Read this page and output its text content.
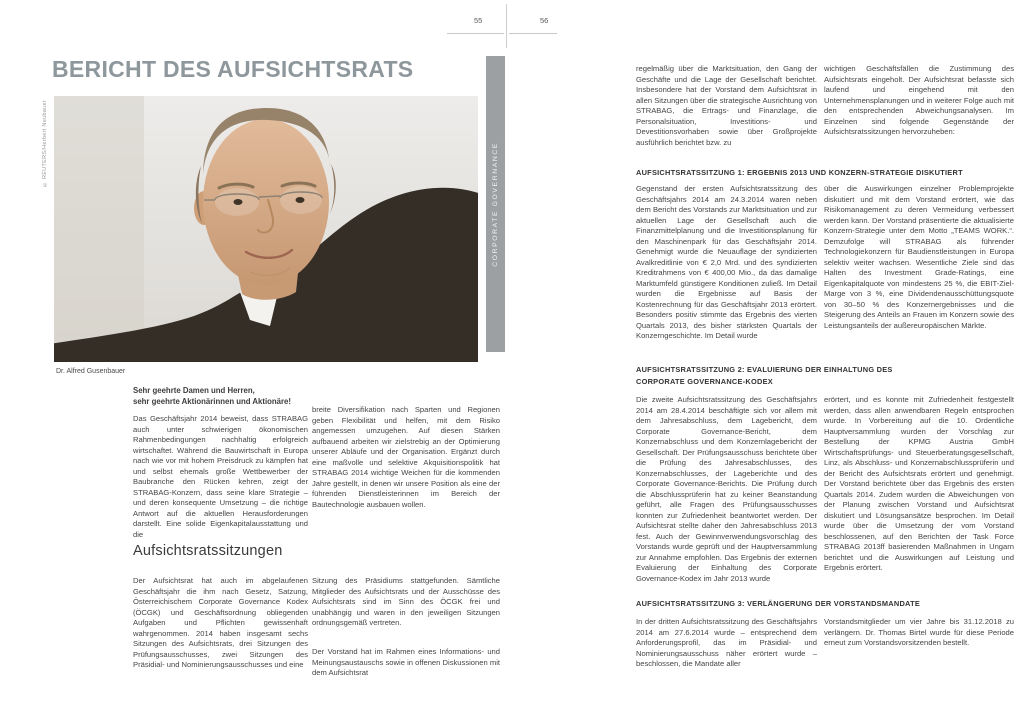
55	56
BERICHT DES AUFSICHTSRATS
© REUTERS/Herbert Neubauer
Dr. Alfred Gusenbauer
CORPORATE GOVERNANCE
Sehr geehrte Damen und Herren,
sehr geehrte Aktionärinnen und Aktionäre!
Das Geschäftsjahr 2014 beweist, dass STRABAG auch unter schwierigen ökonomischen Rahmenbedingungen nachhaltig erfolgreich wirtschaftet. Während die Bauwirtschaft in Europa nach wie vor mit hohem Preisdruck zu kämpfen hat und selbst ehemals große Wettbewerber der Baubranche den Rücken kehren, zeigt der STRABAG-Konzern, dass seine klare Strategie – und deren konsequente Umsetzung – die richtige Antwort auf die aktuellen Herausforderungen darstellt. Eine solide Eigenkapitalausstattung und die
breite Diversifikation nach Sparten und Regionen geben Flexibilität und helfen, mit dem Risiko angemessen umzugehen. Auf diesen Stärken aufbauend arbeiten wir zielstrebig an der Optimierung unserer Abläufe und der Organisation. Ergänzt durch eine maßvolle und selektive Akquisitionspolitik hat STRABAG 2014 wichtige Weichen für die kommenden Jahre gestellt, in denen wir unsere Position als eine der führenden Dienstleisterinnen im Bereich der Bautechnologie ausbauen wollen.
Aufsichtsratssitzungen
Der Aufsichtsrat hat auch im abgelaufenen Geschäftsjahr die ihm nach Gesetz, Satzung, Österreichischem Corporate Governance Kodex (ÖCGK) und Geschäftsordnung obliegenden Aufgaben und Pflichten gewissenhaft wahrgenommen. 2014 haben insgesamt sechs Sitzungen des Aufsichtsrats, drei Sitzungen des Prüfungsausschusses, zwei Sitzungen des Präsidial- und Nominierungsausschusses und eine
Sitzung des Präsidiums stattgefunden. Sämtliche Mitglieder des Aufsichtsrats und der Ausschüsse des Aufsichtsrats sind im Sinn des ÖCGK frei und unabhängig und waren in den jeweiligen Sitzungen ordnungsgemäß vertreten.
Der Vorstand hat im Rahmen eines Informations- und Meinungsaustauschs sowie in offenen Diskussionen mit dem Aufsichtsrat
regelmäßig über die Marktsituation, den Gang der Geschäfte und die Lage der Gesellschaft berichtet. Insbesondere hat der Vorstand dem Aufsichtsrat in allen Sitzungen über die strategische Ausrichtung von STRABAG, die Ertrags- und Finanzlage, die Personalsituation, Investitions- und Devestitionsvorhaben sowie über Großprojekte ausführlich berichtet bzw. zu
wichtigen Geschäftsfällen die Zustimmung des Aufsichtsrats eingeholt. Der Aufsichtsrat befasste sich laufend und eingehend mit den Unternehmensplanungen und in weiterer Folge auch mit den entsprechenden Abweichungsanalysen. Im Einzelnen sind folgende Gegenstände der Aufsichtsratssitzungen hervorzuheben:
AUFSICHTSRATSSITZUNG 1: ERGEBNIS 2013 UND KONZERN-STRATEGIE DISKUTIERT
Gegenstand der ersten Aufsichtsratssitzung des Geschäftsjahrs 2014 am 24.3.2014 waren neben dem Bericht des Vorstands zur Marktsituation und zur aktuellen Lage der Gesellschaft auch die Finanzmittelplanung und die Investitionsplanung für den Maschinenpark für das Geschäftsjahr 2014. Genehmigt wurde die Neuauflage der syndizierten Avalkreditlinie von € 2,0 Mrd. und des syndizierten Kreditrahmens von € 400,00 Mio., da das damalige Marktumfeld günstigere Konditionen zuließ. Im Detail wurden die Ergebnisse auf Basis der Kostenrechnung für das Geschäftsjahr 2013 erörtert. Besonders positiv stimmte das Ergebnis des vierten Quartals 2013, des bisher stärksten Quartals der Konzerngeschichte. Im Detail wurde
über die Auswirkungen einzelner Problemprojekte diskutiert und mit dem Vorstand erörtert, wie das Risikomanagement zu deren Vermeidung verbessert werden kann. Der Vorstand präsentierte die aktualisierte Konzern-Strategie unter dem Motto „TEAMS WORK.“. Demzufolge will STRABAG als führender Technologiekonzern für Baudienstleistungen in Europa selektiv weiter wachsen. Wesentliche Ziele sind das Halten des Investment Grade-Ratings, eine Eigenkapitalquote von mindestens 25 %, die EBIT-Ziel-Marge von 3 %, eine Dividendenausschüttungsquote von 30–50 % des Konzernergebnisses und die Steigerung des Anteils an Frauen im Konzern sowie des Leistungsanteils der außereuropäischen Märkte.
AUFSICHTSRATSSITZUNG 2: EVALUIERUNG DER EINHALTUNG DES CORPORATE GOVERNANCE-KODEX
Die zweite Aufsichtsratssitzung des Geschäftsjahrs 2014 am 28.4.2014 beschäftigte sich vor allem mit dem Jahresabschluss, dem Lagebericht, dem Corporate Governance-Bericht, dem Konzernabschluss und dem Konzernlagebericht der Gesellschaft. Der Prüfungsausschuss berichtete über die Prüfung des Jahresabschlusses, des Konzernabschlusses, der Lageberichte und des Corporate Governance-Berichts. Die Prüfung durch die Abschlussprüferin hat zu keiner Beanstandung geführt, alle Fragen des Prüfungsausschusses konnten zur Zufriedenheit beantwortet werden. Der Aufsichtsrat stellte daher den Jahresabschluss 2013 fest. Auch der Gewinnverwendungsvorschlag des Vorstands wurde geprüft und der Hauptversammlung zur Annahme empfohlen. Das Ergebnis der externen Evaluierung der Einhaltung des Corporate Governance-Kodex im Jahr 2013 wurde
erörtert, und es konnte mit Zufriedenheit festgestellt werden, dass allen anwendbaren Regeln entsprochen wurde. In Vorbereitung auf die 10. Ordentliche Hauptversammlung wurden der Vorschlag zur Bestellung der KPMG Austria GmbH Wirtschaftsprüfungs- und Steuerberatungsgesellschaft, Linz, als Abschluss- und Konzernabschlussprüferin und der Bericht des Aufsichtsrats erörtert und genehmigt. Der Vorstand berichtete über das Ergebnis des ersten Quartals 2014. Zudem wurden die Abweichungen von der Planung zwischen Vorstand und Aufsichtsrat diskutiert und Lösungsansätze besprochen. Im Detail wurde über die Umsetzung der vom Vorstand beschlossenen, auf den Berichten der Task Force STRABAG 2013ff basierenden Maßnahmen in Ungarn berichtet und die Auswirkungen auf Leistung und Ergebnis erörtert.
AUFSICHTSRATSSITZUNG 3: VERLÄNGERUNG DER VORSTANDSMANDATE
In der dritten Aufsichtsratssitzung des Geschäftsjahrs 2014 am 27.6.2014 wurde – entsprechend dem Anforderungsprofil, das im Präsidial- und Nominierungsausschuss näher erörtert wurde – beschlossen, die Mandate aller
Vorstandsmitglieder um vier Jahre bis 31.12.2018 zu verlängern. Dr. Thomas Birtel wurde für diese Periode erneut zum Vorstandsvorsitzenden bestellt.
